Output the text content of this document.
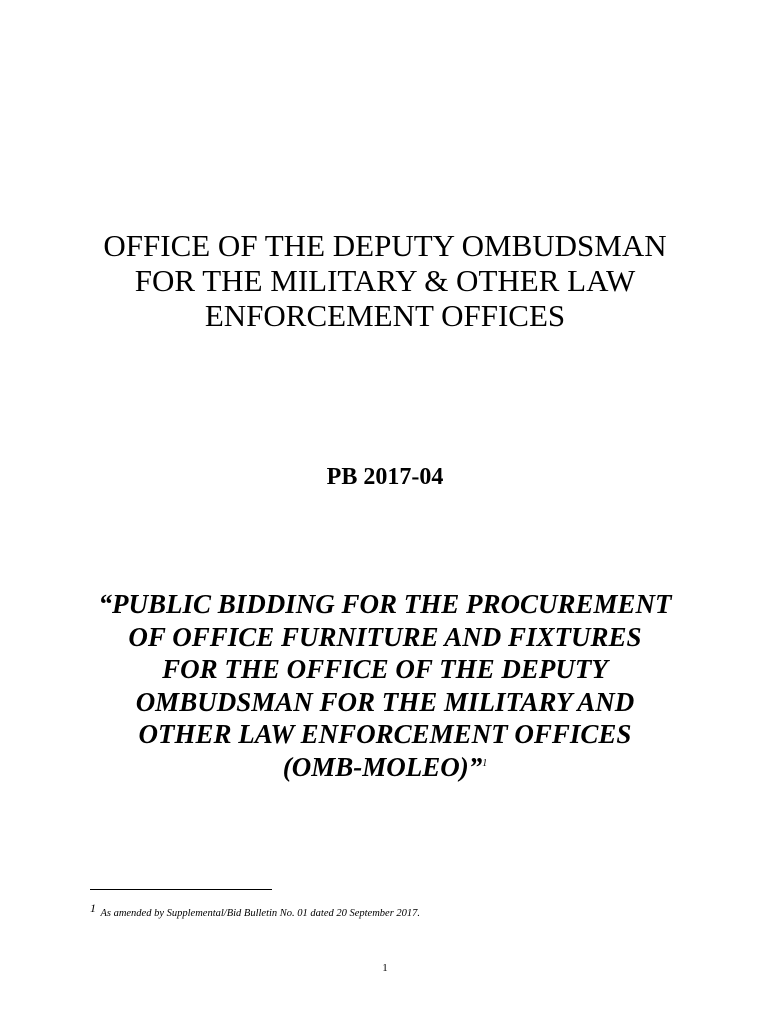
OFFICE OF THE DEPUTY OMBUDSMAN
FOR THE MILITARY & OTHER LAW
ENFORCEMENT OFFICES
PB 2017-04
“PUBLIC BIDDING FOR THE PROCUREMENT
OF OFFICE FURNITURE AND FIXTURES
FOR THE OFFICE OF THE DEPUTY
OMBUDSMAN FOR THE MILITARY AND
OTHER LAW ENFORCEMENT OFFICES
(OMB-MOLEO)”$^1$
1 As amended by Supplemental/Bid Bulletin No. 01 dated 20 September 2017.
1
